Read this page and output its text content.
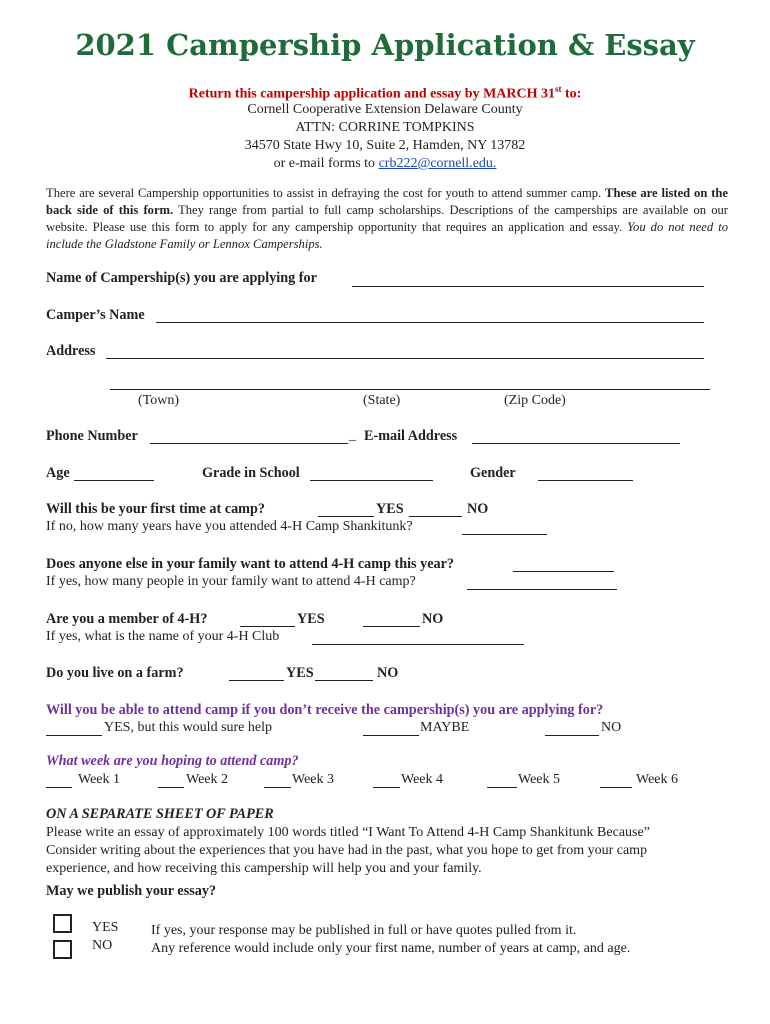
2021 Campership Application & Essay
Return this campership application and essay by MARCH 31st to:
Cornell Cooperative Extension Delaware County
ATTN: CORRINE TOMPKINS
34570 State Hwy 10, Suite 2, Hamden, NY 13782
or e-mail forms to crb222@cornell.edu.
There are several Campership opportunities to assist in defraying the cost for youth to attend summer camp. These are listed on the back side of this form. They range from partial to full camp scholarships. Descriptions of the camperships are available on our website. Please use this form to apply for any campership opportunity that requires an application and essay. You do not need to include the Gladstone Family or Lennox Camperships.
Name of Campership(s) you are applying for
Camper’s Name
Address
(Town)	(State)	(Zip Code)
Phone Number	_ E-mail Address
Age	Grade in School	Gender
Will this be your first time at camp?	YES	NO
If no, how many years have you attended 4-H Camp Shankitunk?
Does anyone else in your family want to attend 4-H camp this year?
If yes, how many people in your family want to attend 4-H camp?
Are you a member of 4-H?	YES	NO
If yes, what is the name of your 4-H Club
Do you live on a farm?	YES	NO
Will you be able to attend camp if you don’t receive the campership(s) you are applying for?
YES, but this would sure help	MAYBE	NO
What week are you hoping to attend camp?
Week 1	Week 2	Week 3	Week 4	Week 5	Week 6
ON A SEPARATE SHEET OF PAPER
Please write an essay of approximately 100 words titled “I Want To Attend 4-H Camp Shankitunk Because”
Consider writing about the experiences that you have had in the past, what you hope to get from your camp
experience, and how receiving this campership will help you and your family.
May we publish your essay?
YES
NO
If yes, your response may be published in full or have quotes pulled from it.
Any reference would include only your first name, number of years at camp, and age.
